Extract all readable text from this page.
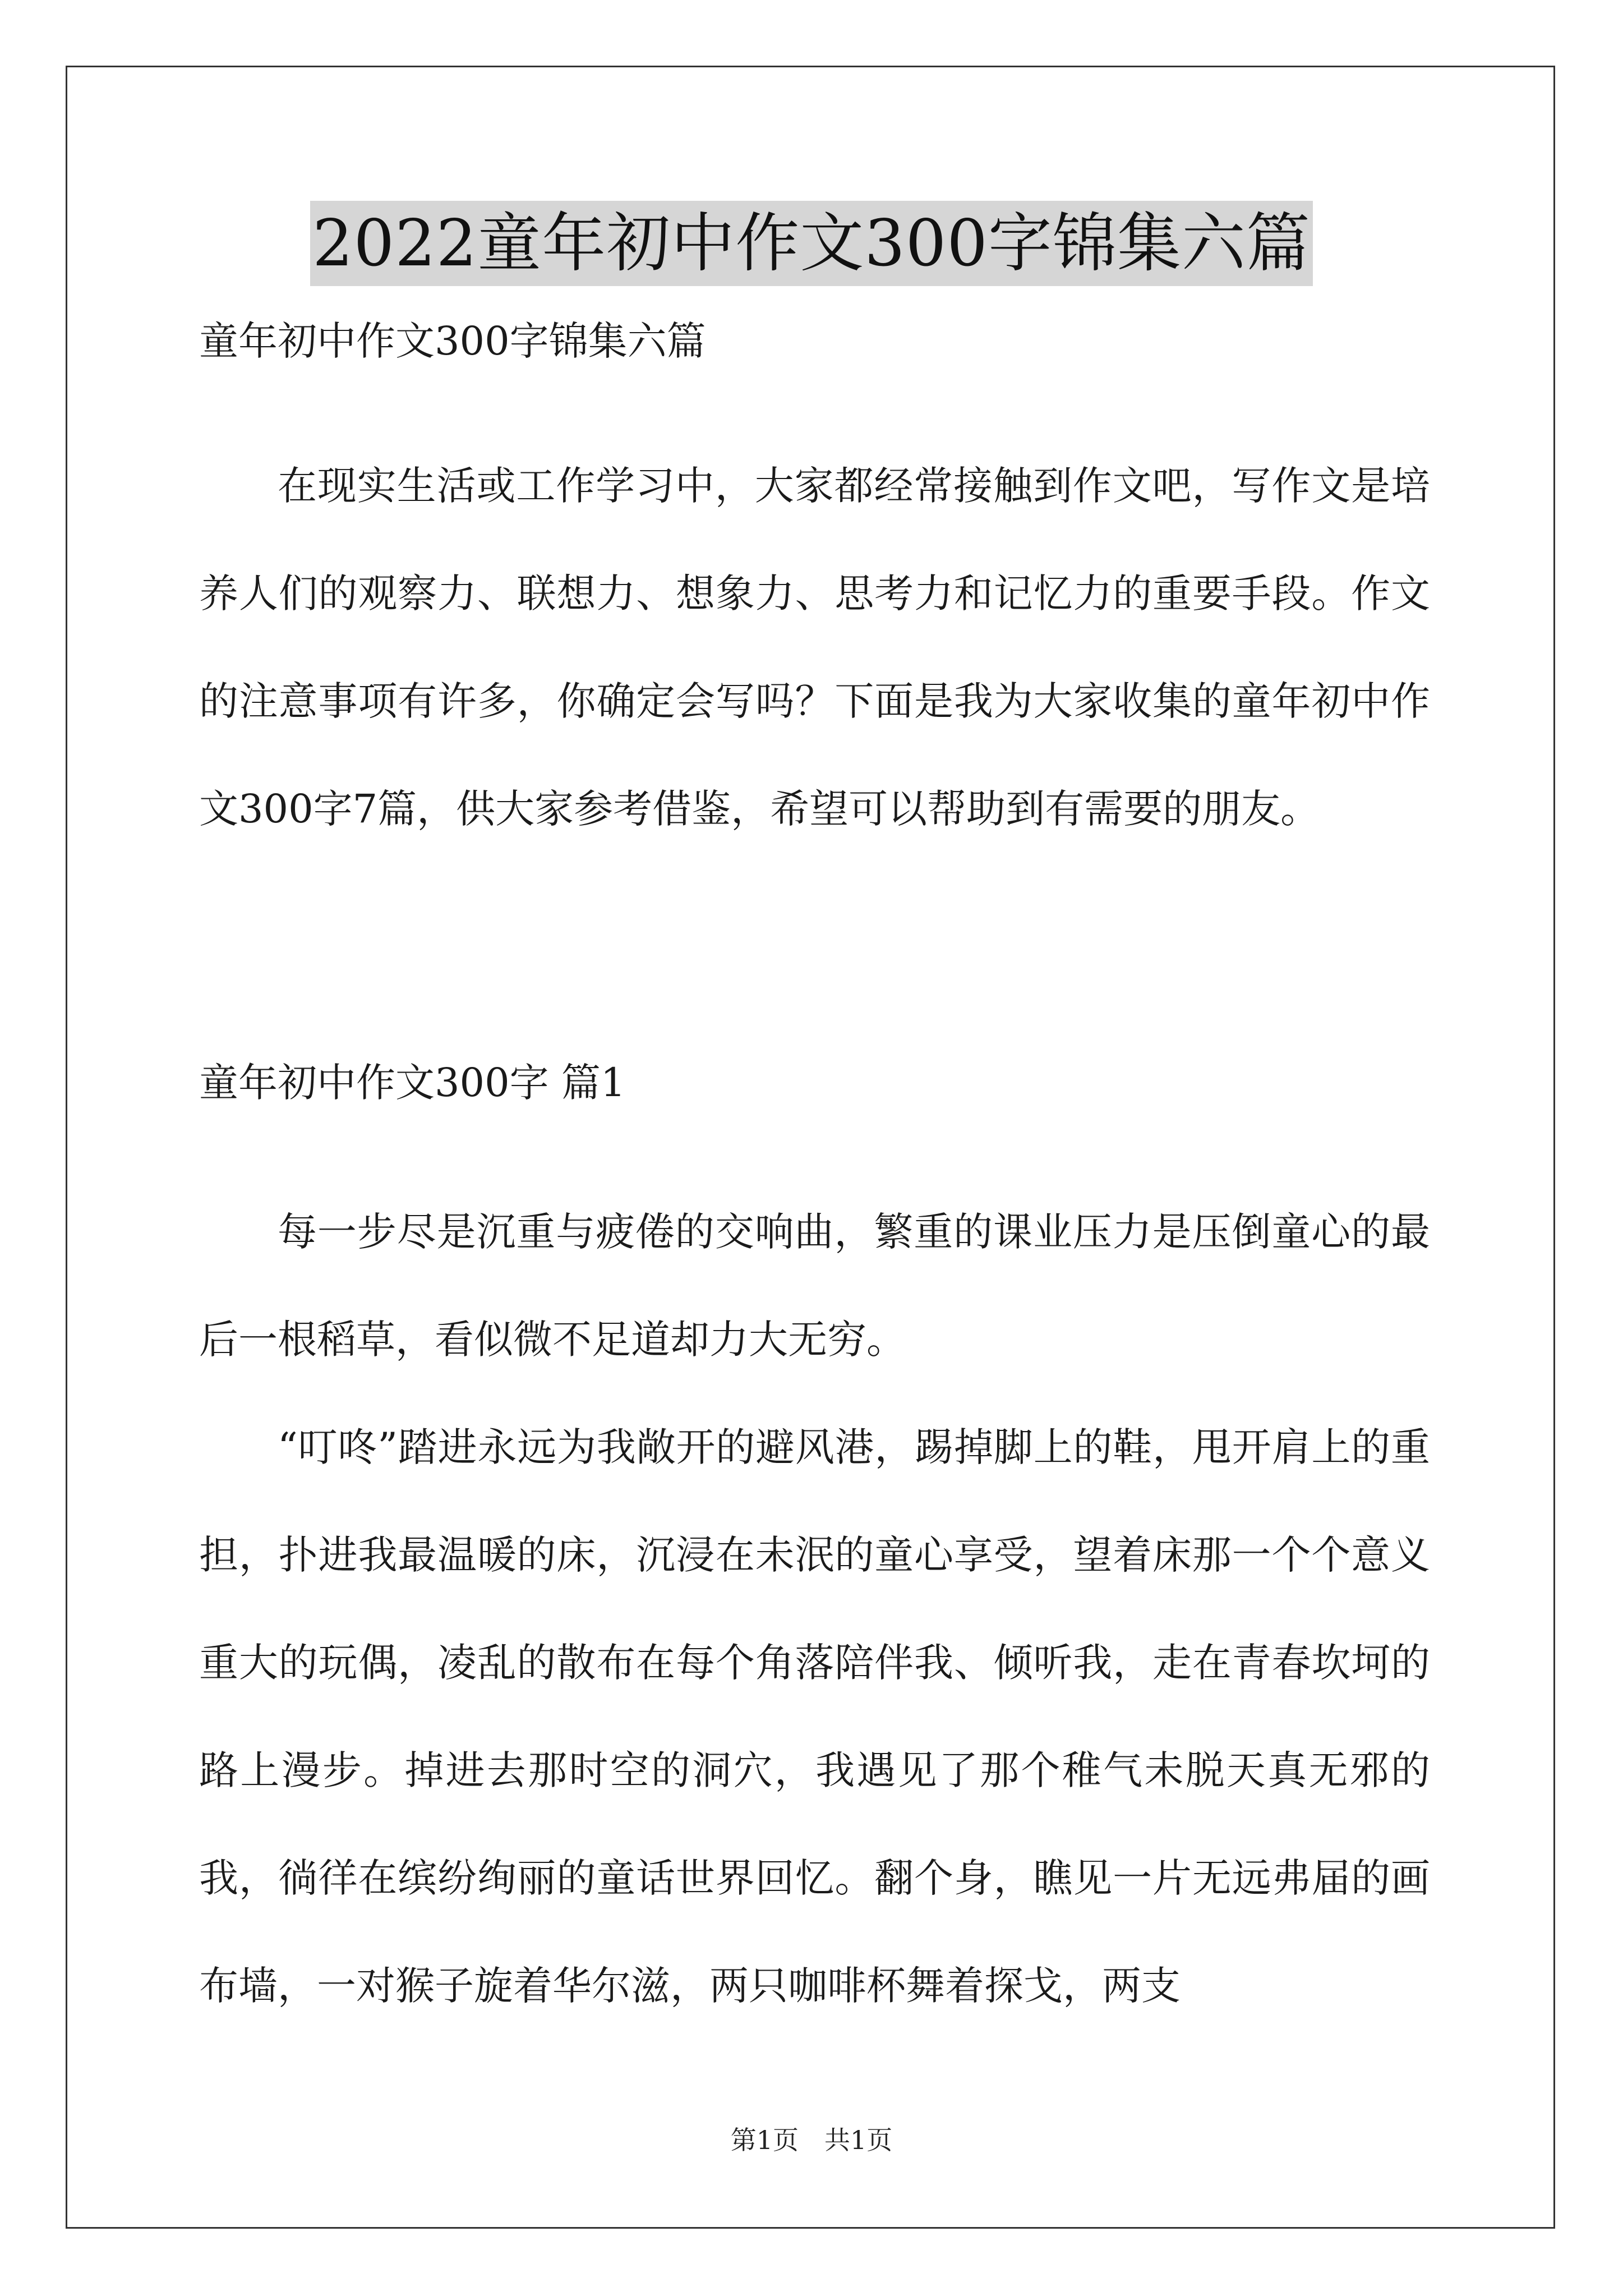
2022童年初中作文300字锦集六篇
童年初中作文300字锦集六篇
在现实生活或工作学习中，大家都经常接触到作文吧，写作文是培养人们的观察力、联想力、想象力、思考力和记忆力的重要手段。作文的注意事项有许多，你确定会写吗？下面是我为大家收集的童年初中作文300字7篇，供大家参考借鉴，希望可以帮助到有需要的朋友。
童年初中作文300字 篇1
每一步尽是沉重与疲倦的交响曲，繁重的课业压力是压倒童心的最后一根稻草，看似微不足道却力大无穷。
“叮咚”踏进永远为我敞开的避风港，踢掉脚上的鞋，甩开肩上的重担，扑进我最温暖的床，沉浸在未泯的童心享受，望着床那一个个意义重大的玩偶，凌乱的散布在每个角落陪伴我、倾听我，走在青春坎坷的路上漫步。掉进去那时空的洞穴，我遇见了那个稚气未脱天真无邪的我，徜徉在缤纷绚丽的童话世界回忆。翻个身，瞧见一片无远弗届的画布墙，一对猴子旋着华尔滋，两只咖啡杯舞着探戈，两支
第1页　共1页
